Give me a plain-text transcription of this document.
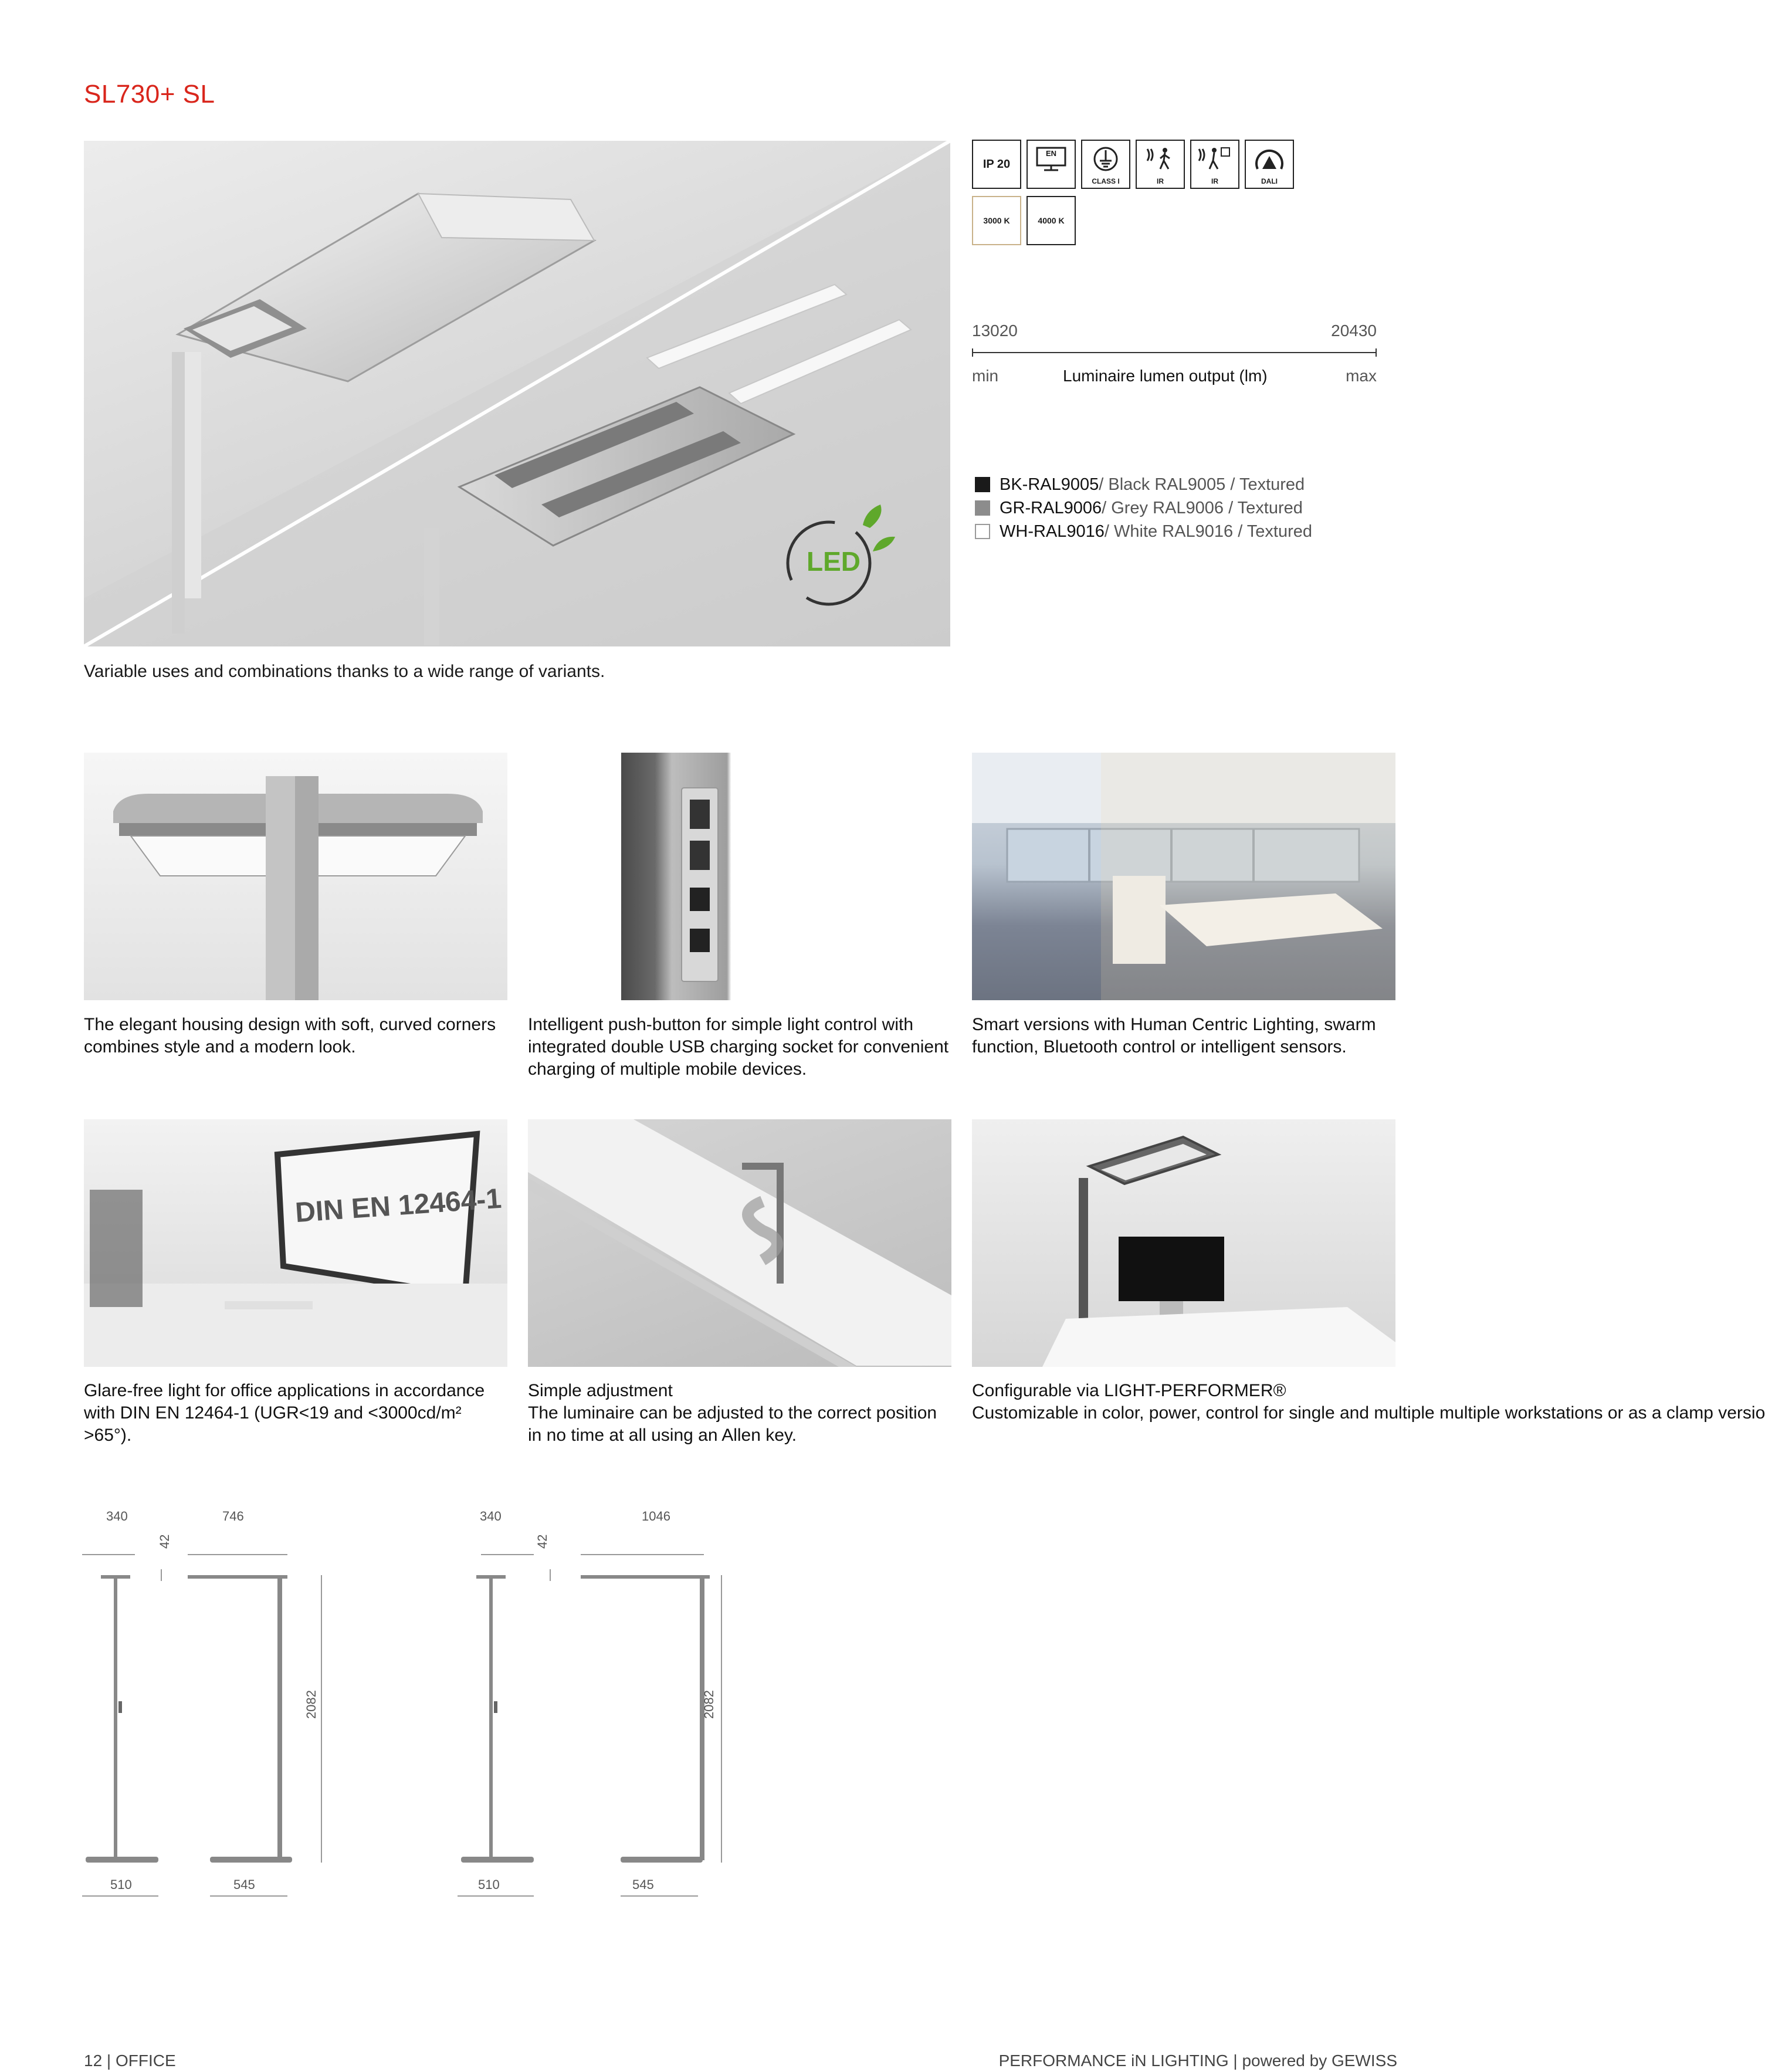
SL730+ SL
LED
Variable uses and combinations thanks to a wide range of variants.
IP 20
EN
CLASS I	IR	IR	DALI
3000 K	4000 K
13020	20430
min	Luminaire lumen output (lm)	max
BK-RAL9005 / Black RAL9005 / Textured
GR-RAL9006 / Grey RAL9006 / Textured
WH-RAL9016 / White RAL9016 / Textured
The elegant housing design with soft, curved corners combines style and a modern look.
Intelligent push-button for simple light control with integrated double USB charging socket for convenient charging of multiple mobile devices.
Smart versions with Human Centric Lighting, swarm function, Bluetooth control or intelligent sensors.
DIN EN 12464-1
Glare-free light for office applications in accordance with DIN EN 12464-1 (UGR<19 and <3000cd/m² >65°).
Simple adjustment
The luminaire can be adjusted to the correct position in no time at all using an Allen key.
Configurable via LIGHT-PERFORMER®
Customizable in color, power, control for single and multiple multiple workstations or as a clamp versio
340	746
42
2082
510	545
340	1046
42
2082
510	545
12 | OFFICE	PERFORMANCE iN LIGHTING | powered by GEWISS
